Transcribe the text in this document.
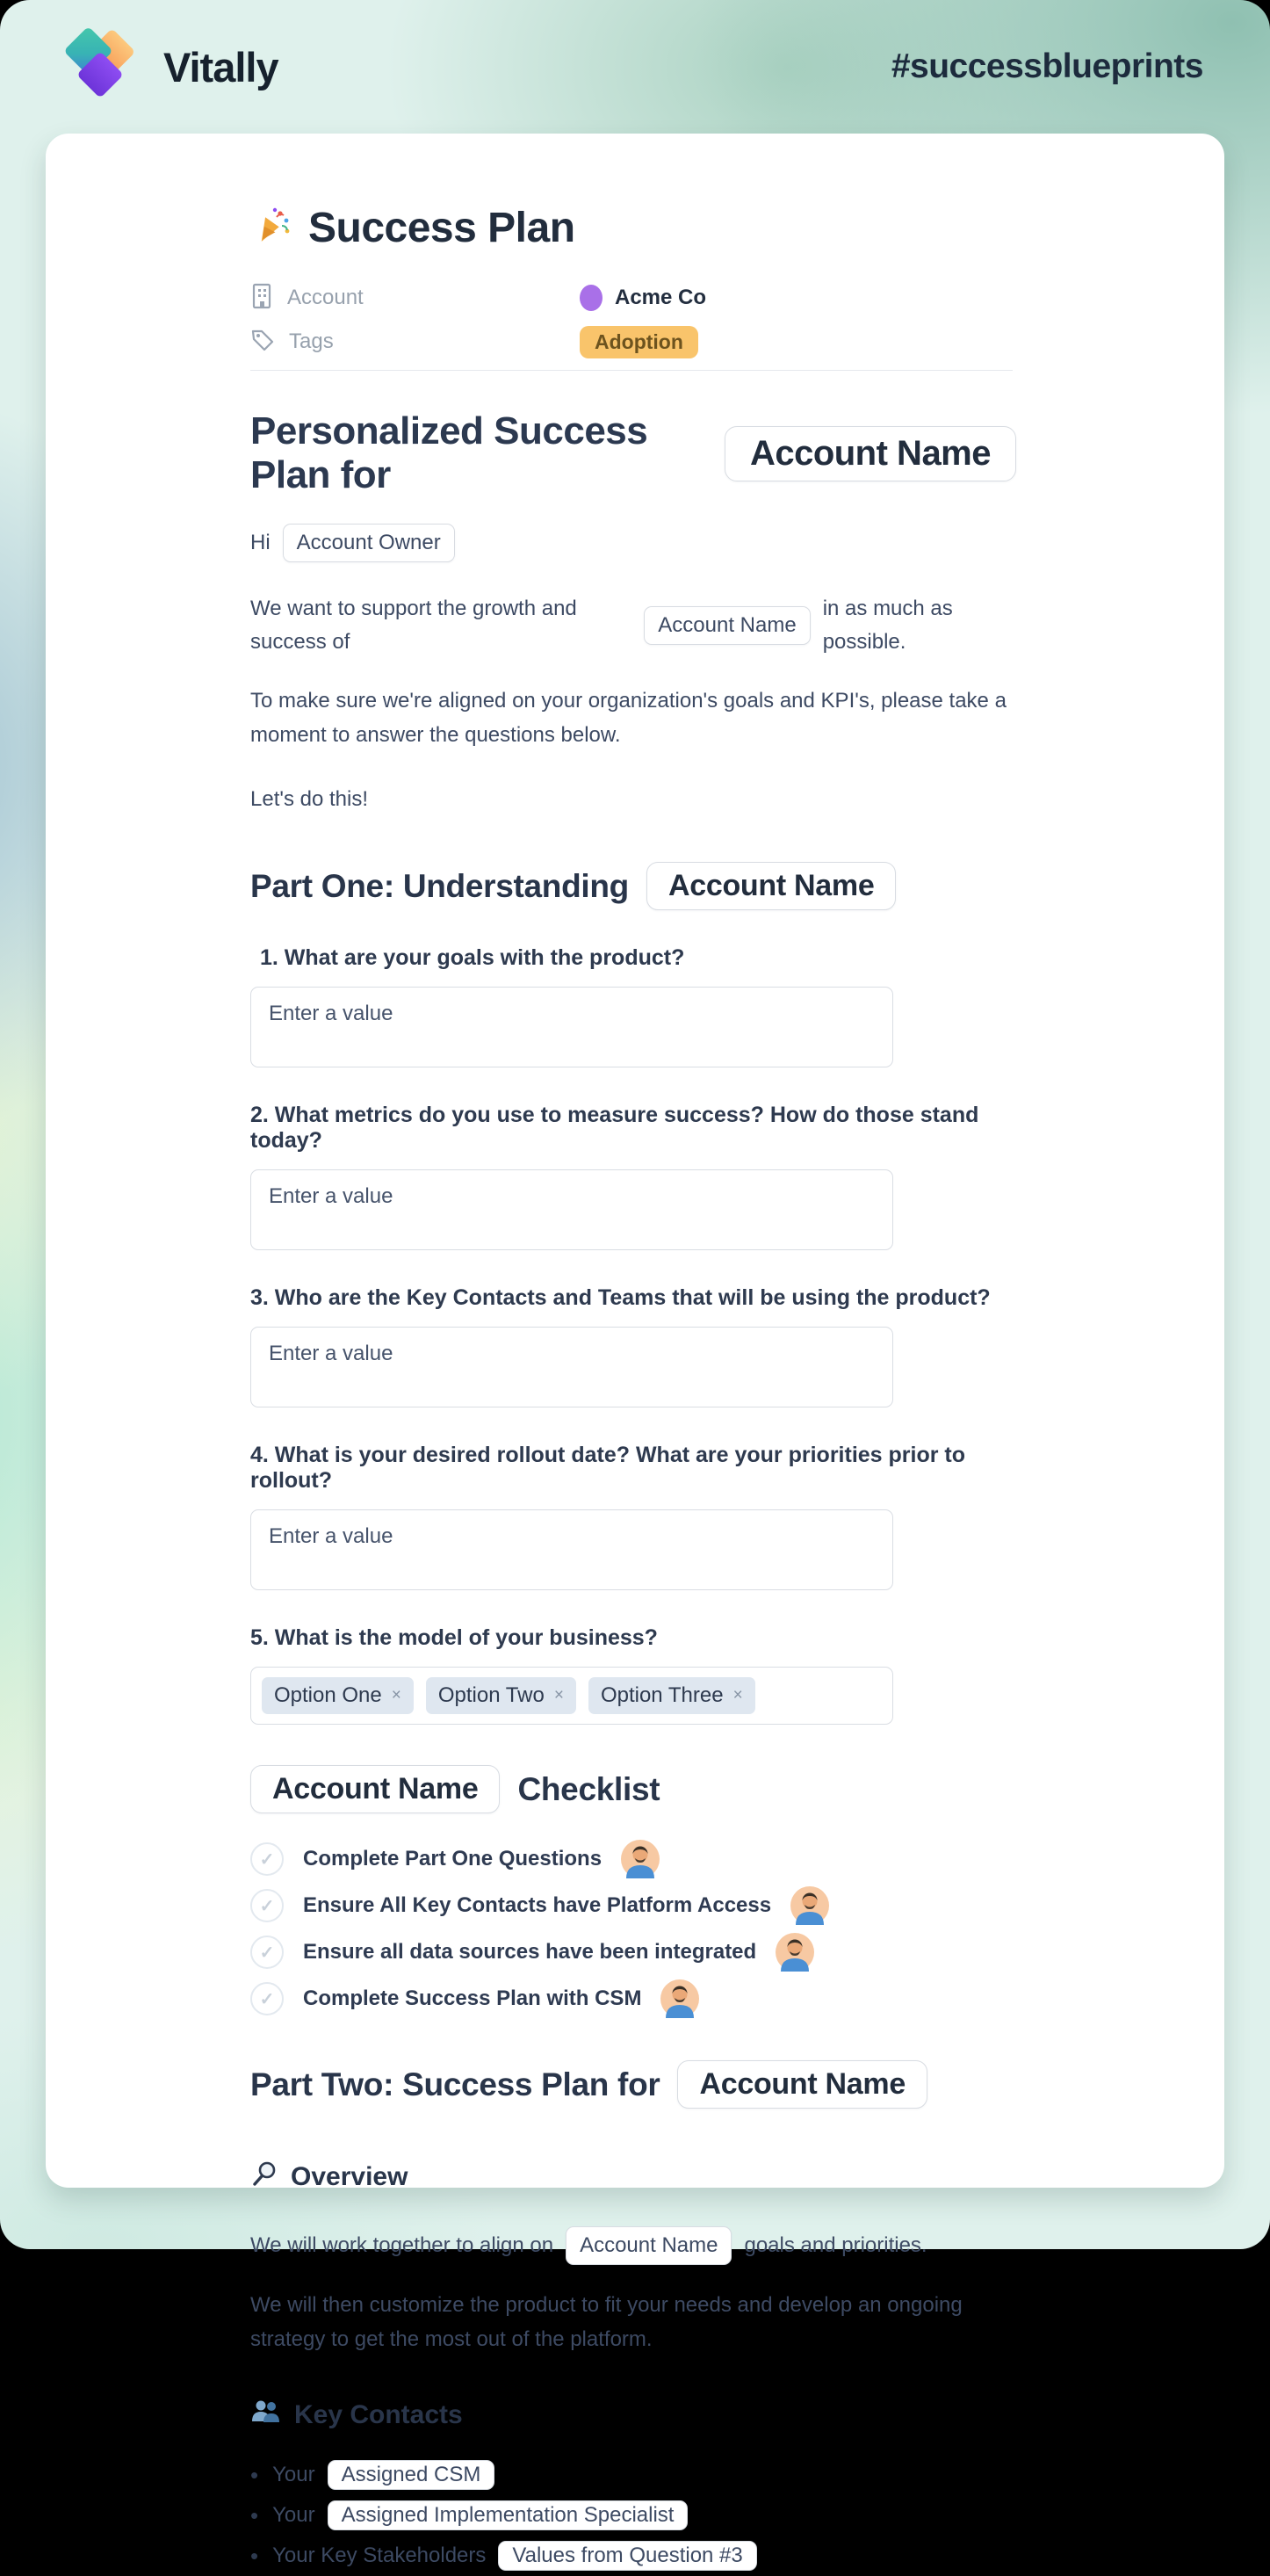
Vitally	#successblueprints
Success Plan
Account	Acme Co
Tags	Adoption
Personalized Success Plan for
Account Name
Hi	Account Owner
We want to support the growth and success of
Account Name
in as much as possible.
To make sure we're aligned on your organization's goals and KPI's, please take a moment to answer the questions below.
Let's do this!
Part One: Understanding	Account Name
1. What are your goals with the product?
Enter a value
2. What metrics do you use to measure success? How do those stand today?
Enter a value
3. Who are the Key Contacts and Teams that will be using the product?
Enter a value
4. What is your desired rollout date? What are your priorities prior to rollout?
Enter a value
5. What is the model of your business?
Option One × Option Two × Option Three ×
Account Name	Checklist
✓	Complete Part One Questions
✓	Ensure All Key Contacts have Platform Access
✓	Ensure all data sources have been integrated
✓	Complete Success Plan with CSM
Part Two: Success Plan for	Account Name
Overview
We will work together to align on	Account Name	goals and priorities.
We will then customize the product to fit your needs and develop an ongoing strategy to get the most out of the platform.
Key Contacts
• Your	Assigned CSM
• Your	Assigned Implementation Specialist
• Your Key Stakeholders	Values from Question #3
